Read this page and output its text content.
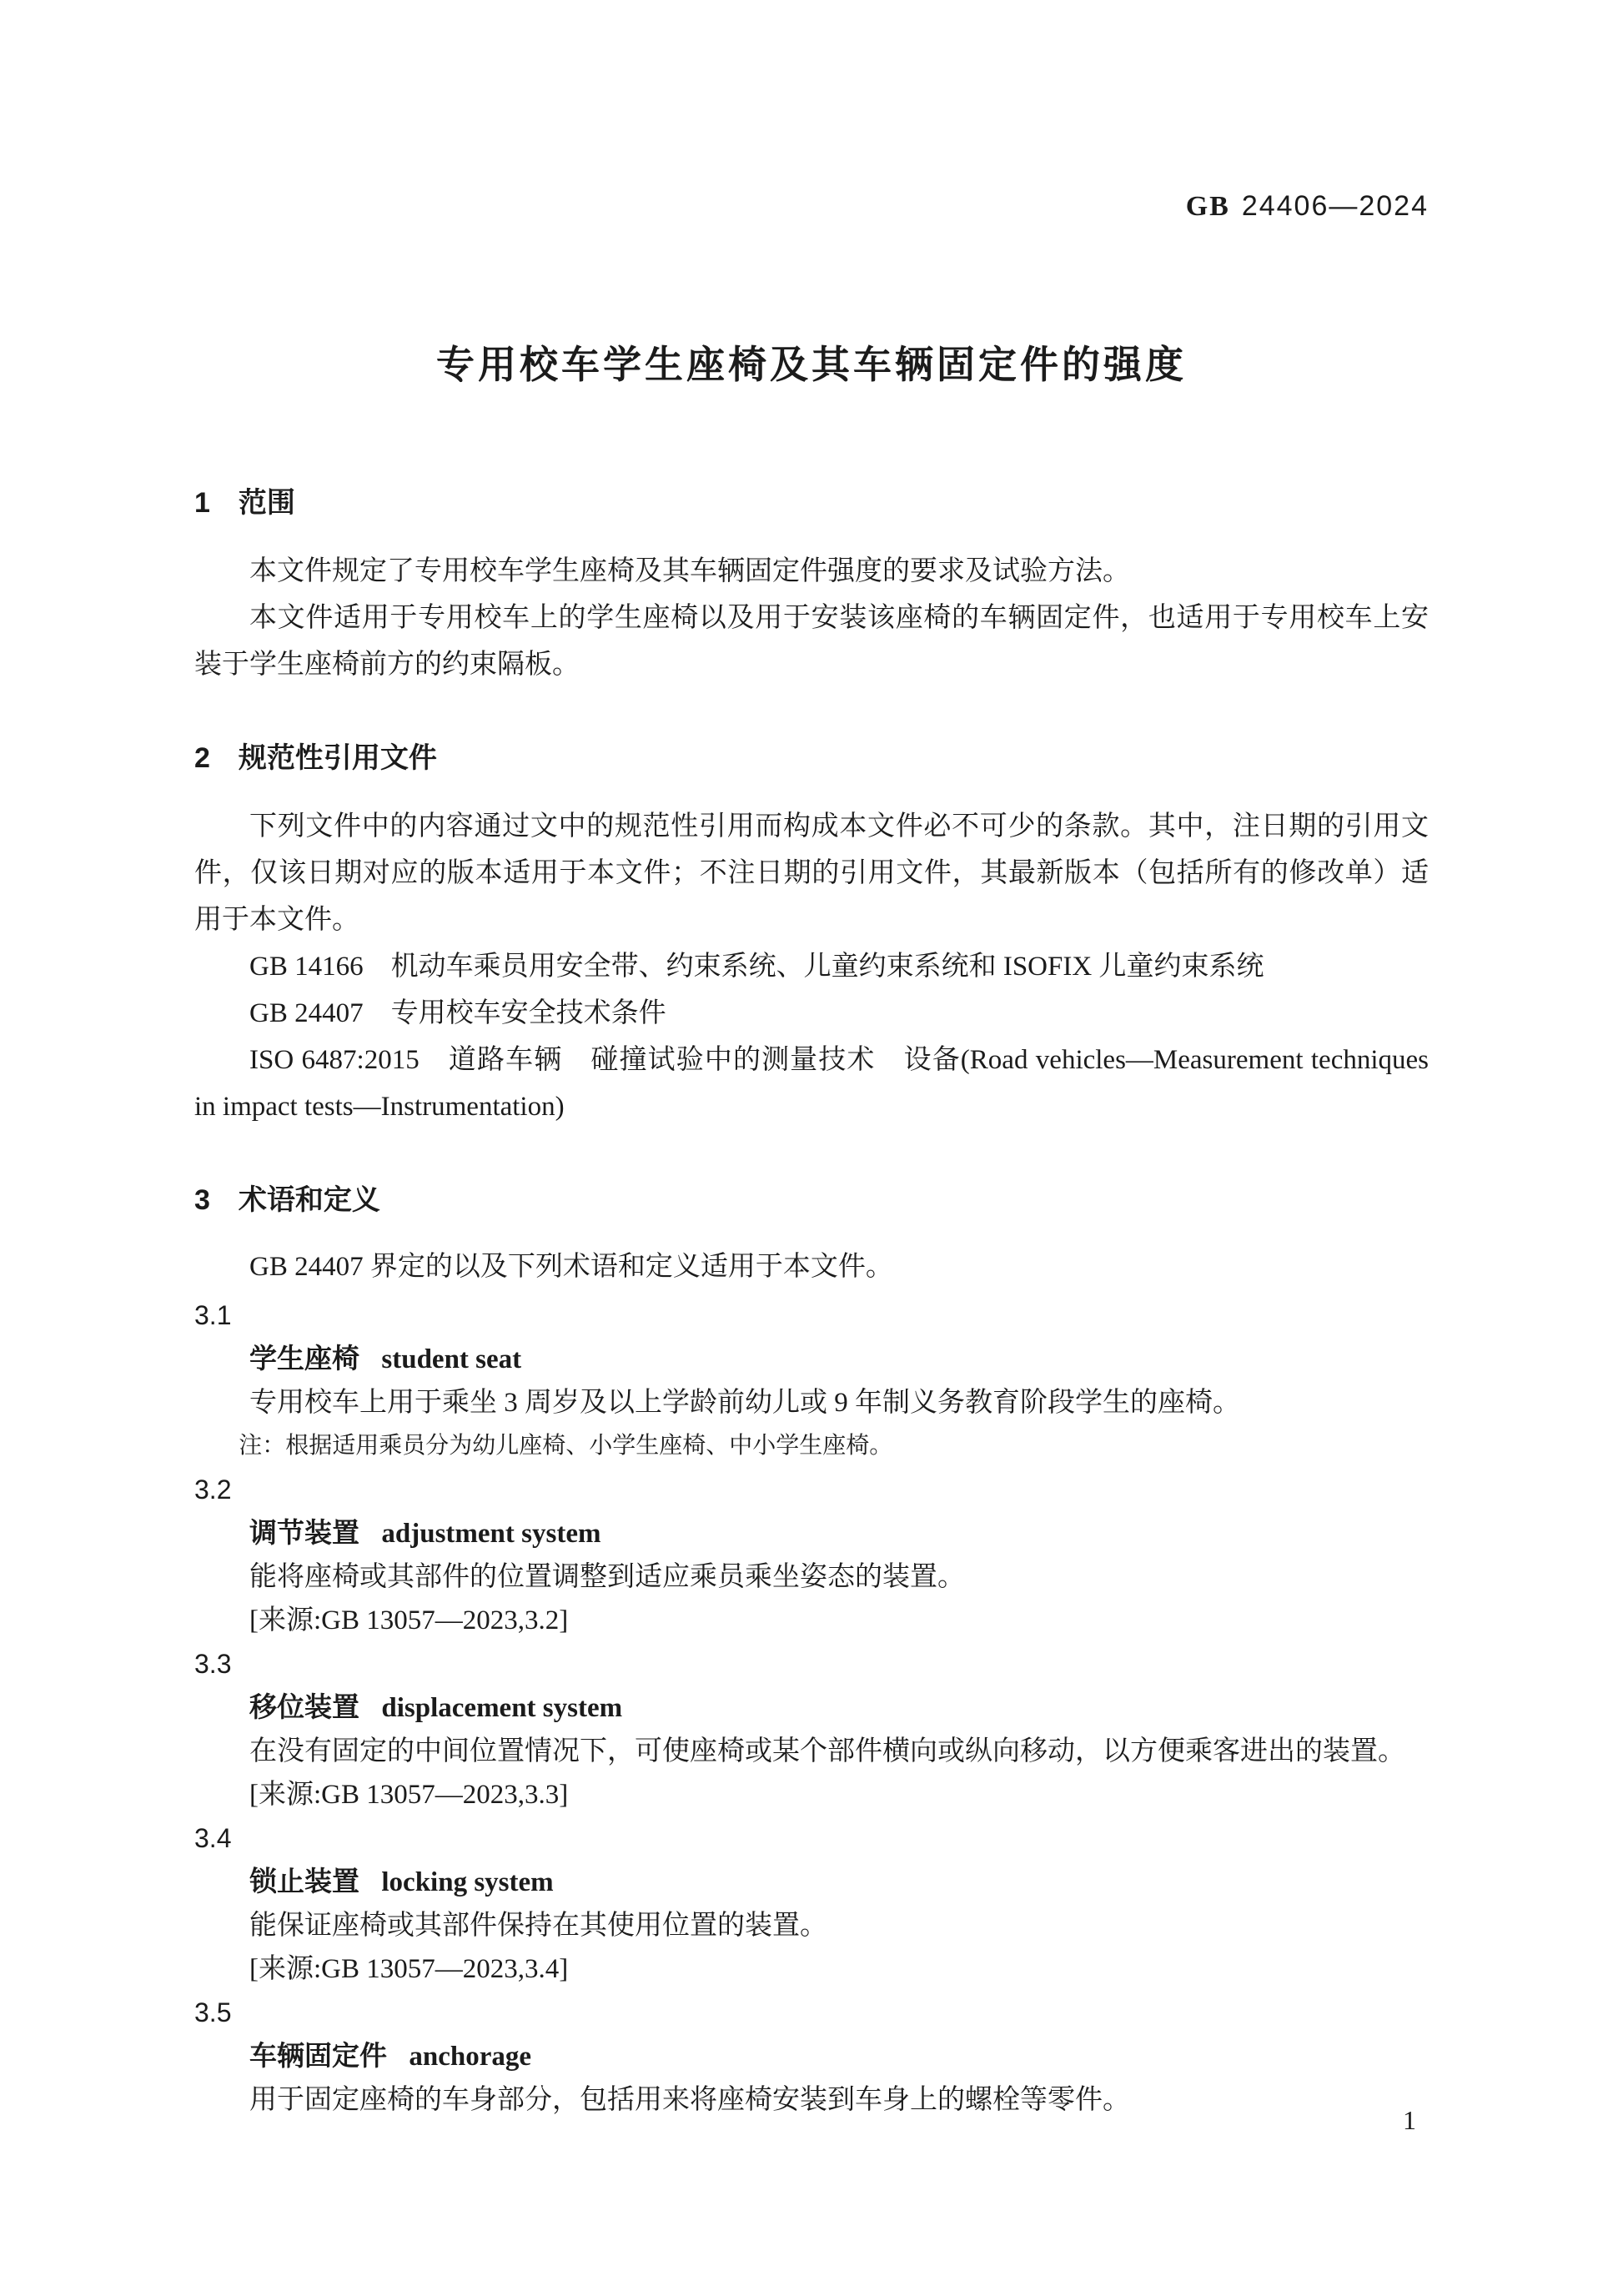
GB 24406—2024
专用校车学生座椅及其车辆固定件的强度
1 范围

本文件规定了专用校车学生座椅及其车辆固定件强度的要求及试验方法。

本文件适用于专用校车上的学生座椅以及用于安装该座椅的车辆固定件，也适用于专用校车上安装于学生座椅前方的约束隔板。

2 规范性引用文件

下列文件中的内容通过文中的规范性引用而构成本文件必不可少的条款。其中，注日期的引用文件，仅该日期对应的版本适用于本文件；不注日期的引用文件，其最新版本（包括所有的修改单）适用于本文件。

GB 14166　机动车乘员用安全带、约束系统、儿童约束系统和 ISOFIX 儿童约束系统

GB 24407　专用校车安全技术条件

ISO 6487:2015　道路车辆　碰撞试验中的测量技术　设备(Road vehicles—Measurement techniques in impact tests—Instrumentation)

3 术语和定义

GB 24407 界定的以及下列术语和定义适用于本文件。

3.1
学生座椅 student seat
专用校车上用于乘坐 3 周岁及以上学龄前幼儿或 9 年制义务教育阶段学生的座椅。
注：根据适用乘员分为幼儿座椅、小学生座椅、中小学生座椅。
3.2
调节装置 adjustment system
能将座椅或其部件的位置调整到适应乘员乘坐姿态的装置。
[来源:GB 13057—2023,3.2]
3.3
移位装置 displacement system
在没有固定的中间位置情况下，可使座椅或某个部件横向或纵向移动，以方便乘客进出的装置。
[来源:GB 13057—2023,3.3]
3.4
锁止装置 locking system
能保证座椅或其部件保持在其使用位置的装置。
[来源:GB 13057—2023,3.4]
3.5
车辆固定件 anchorage
用于固定座椅的车身部分，包括用来将座椅安装到车身上的螺栓等零件。
1
